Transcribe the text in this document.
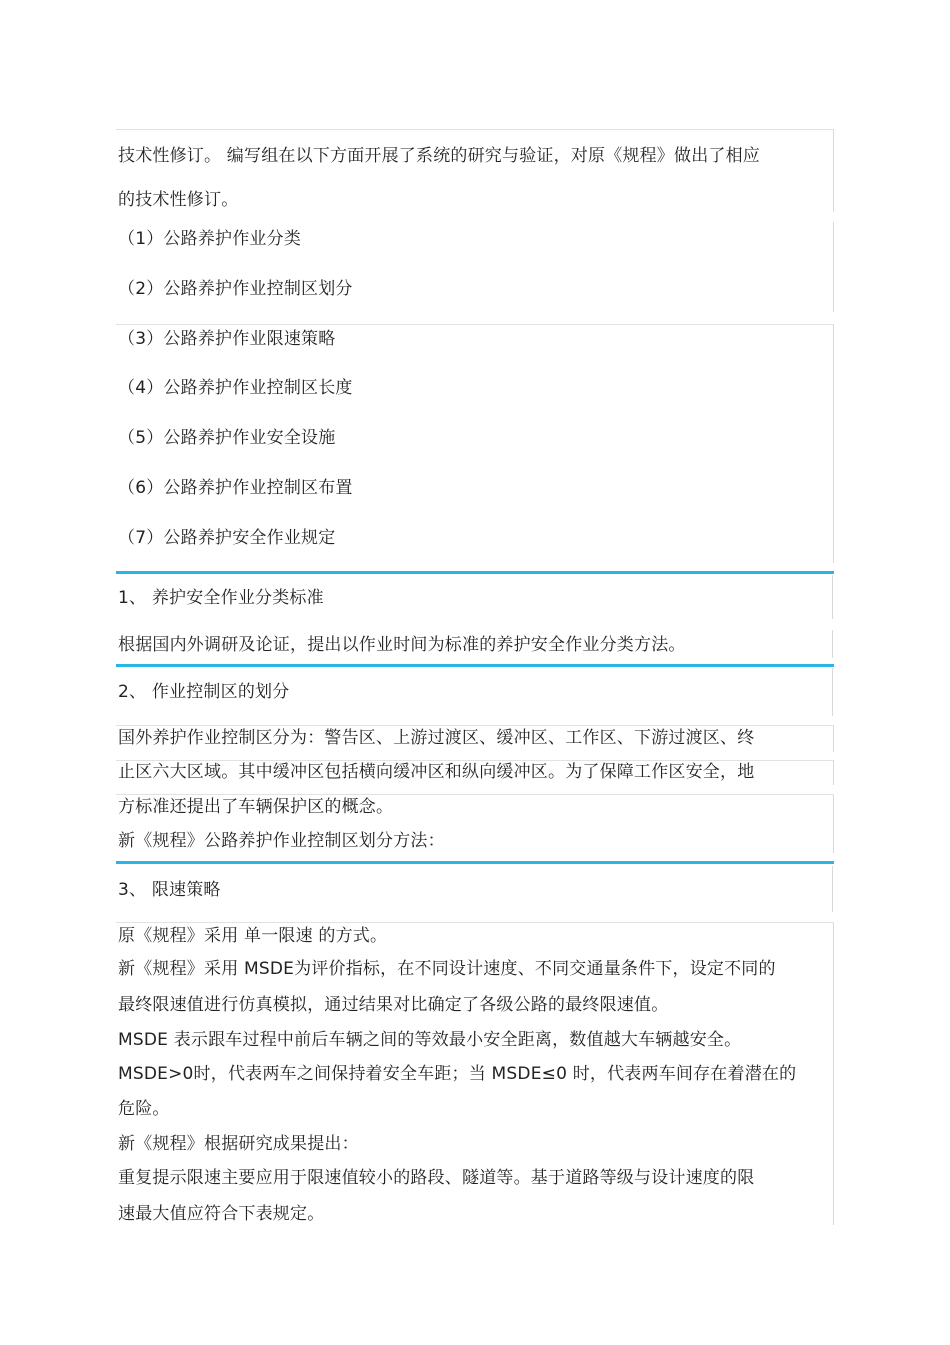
技术性修订。 编写组在以下方面开展了系统的研究与验证，对原《规程》做出了相应
的技术性修订。
（1）公路养护作业分类
（2）公路养护作业控制区划分
（3）公路养护作业限速策略
（4）公路养护作业控制区长度
（5）公路养护作业安全设施
（6）公路养护作业控制区布置
（7）公路养护安全作业规定
1、 养护安全作业分类标准
根据国内外调研及论证，提出以作业时间为标准的养护安全作业分类方法。
2、 作业控制区的划分
国外养护作业控制区分为：警告区、上游过渡区、缓冲区、工作区、下游过渡区、终
止区六大区域。其中缓冲区包括横向缓冲区和纵向缓冲区。为了保障工作区安全，地
方标准还提出了车辆保护区的概念。
新《规程》公路养护作业控制区划分方法：
3、 限速策略
原《规程》采用 单一限速 的方式。
新《规程》采用 MSDE为评价指标，在不同设计速度、不同交通量条件下，设定不同的
最终限速值进行仿真模拟，通过结果对比确定了各级公路的最终限速值。
MSDE 表示跟车过程中前后车辆之间的等效最小安全距离，数值越大车辆越安全。
MSDE>0时，代表两车之间保持着安全车距；当 MSDE≤0 时，代表两车间存在着潜在的
危险。
新《规程》根据研究成果提出：
重复提示限速主要应用于限速值较小的路段、隧道等。基于道路等级与设计速度的限
速最大值应符合下表规定。
